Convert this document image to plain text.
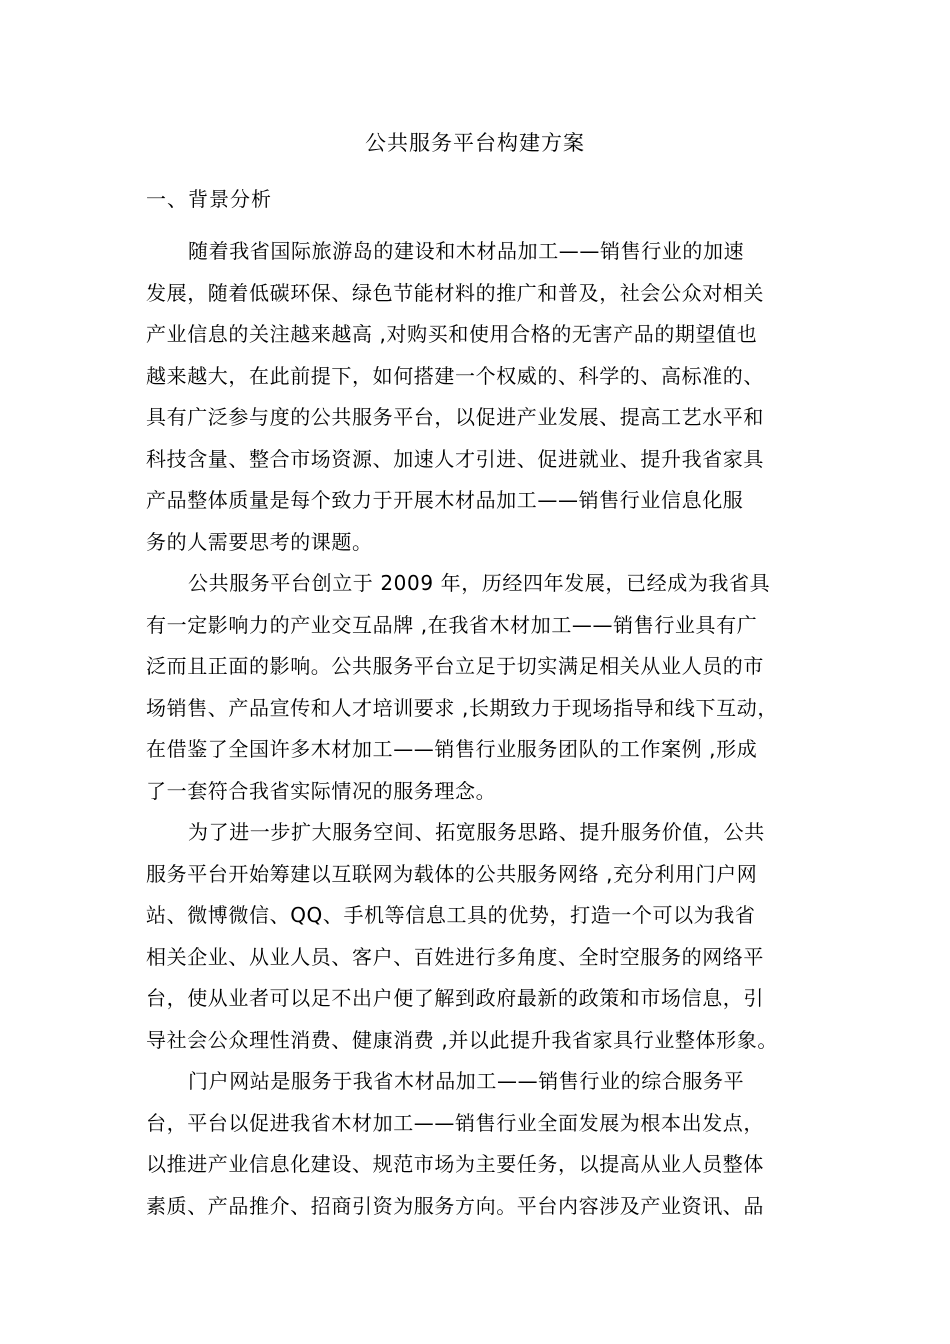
公共服务平台构建方案
一、背景分析
随着我省国际旅游岛的建设和木材品加工——销售行业的加速
发展，随着低碳环保、绿色节能材料的推广和普及，社会公众对相关
产业信息的关注越来越高 ,对购买和使用合格的无害产品的期望值也
越来越大，在此前提下，如何搭建一个权威的、科学的、高标准的、
具有广泛参与度的公共服务平台，以促进产业发展、提高工艺水平和
科技含量、整合市场资源、加速人才引进、促进就业、提升我省家具
产品整体质量是每个致力于开展木材品加工——销售行业信息化服
务的人需要思考的课题。
公共服务平台创立于 2009 年，历经四年发展，已经成为我省具
有一定影响力的产业交互品牌 ,在我省木材加工——销售行业具有广
泛而且正面的影响。公共服务平台立足于切实满足相关从业人员的市
场销售、产品宣传和人才培训要求 ,长期致力于现场指导和线下互动，
在借鉴了全国许多木材加工——销售行业服务团队的工作案例 ,形成
了一套符合我省实际情况的服务理念。
为了进一步扩大服务空间、拓宽服务思路、提升服务价值，公共
服务平台开始筹建以互联网为载体的公共服务网络 ,充分利用门户网
站、微博微信、QQ、手机等信息工具的优势，打造一个可以为我省
相关企业、从业人员、客户、百姓进行多角度、全时空服务的网络平
台，使从业者可以足不出户便了解到政府最新的政策和市场信息，引
导社会公众理性消费、健康消费 ,并以此提升我省家具行业整体形象。
门户网站是服务于我省木材品加工——销售行业的综合服务平
台，平台以促进我省木材加工——销售行业全面发展为根本出发点，
以推进产业信息化建设、规范市场为主要任务，以提高从业人员整体
素质、产品推介、招商引资为服务方向。平台内容涉及产业资讯、品
